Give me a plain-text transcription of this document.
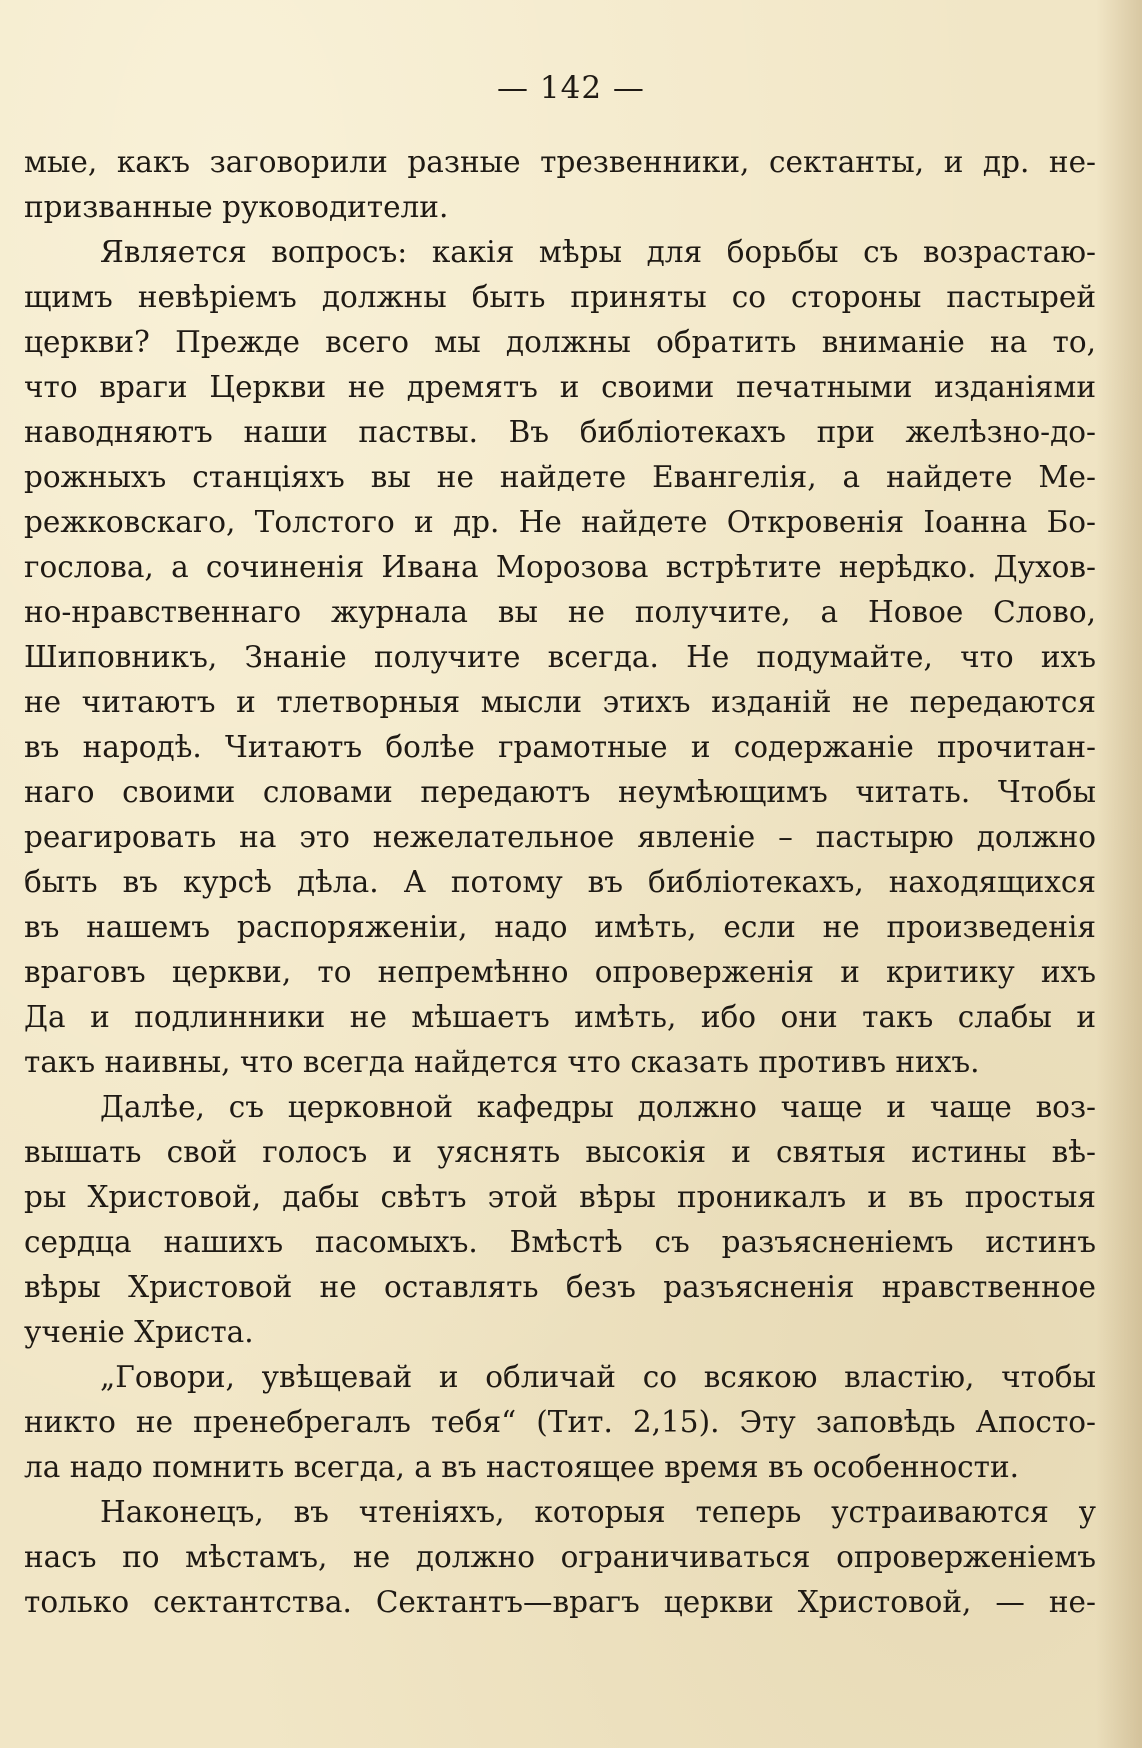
— 142 —
мые, какъ заговорили разные трезвенники, сектанты, и др. не-
призванные руководители.
Является вопросъ: какія мѣры для борьбы съ возрастаю-
щимъ невѣріемъ должны быть приняты со стороны пастырей
церкви? Прежде всего мы должны обратить вниманіе на то,
что враги Церкви не дремятъ и своими печатными изданіями
наводняютъ наши паствы. Въ библіотекахъ при желѣзно-до-
рожныхъ станціяхъ вы не найдете Евангелія, а найдете Ме-
режковскаго, Толстого и др. Не найдете Откровенія Іоанна Бо-
гослова, а сочиненія Ивана Морозова встрѣтите нерѣдко. Духов-
но-нравственнаго журнала вы не получите, а Новое Слово,
Шиповникъ, Знаніе получите всегда. Не подумайте, что ихъ
не читаютъ и тлетворныя мысли этихъ изданій не передаются
въ народѣ. Читаютъ болѣе грамотные и содержаніе прочитан-
наго своими словами передаютъ неумѣющимъ читать. Чтобы
реагировать на это нежелательное явленіе – пастырю должно
быть въ курсѣ дѣла. А потому въ библіотекахъ, находящихся
въ нашемъ распоряженіи, надо имѣть, если не произведенія
враговъ церкви, то непремѣнно опроверженія и критику ихъ
Да и подлинники не мѣшаетъ имѣть, ибо они такъ слабы и
такъ наивны, что всегда найдется что сказать противъ нихъ.
Далѣе, съ церковной кафедры должно чаще и чаще воз-
вышать свой голосъ и уяснять высокія и святыя истины вѣ-
ры Христовой, дабы свѣтъ этой вѣры проникалъ и въ простыя
сердца нашихъ пасомыхъ. Вмѣстѣ съ разъясненіемъ истинъ
вѣры Христовой не оставлять безъ разъясненія нравственное
ученіе Христа.
„Говори, увѣщевай и обличай со всякою властію, чтобы
никто не пренебрегалъ тебя“ (Тит. 2,15). Эту заповѣдь Апосто-
ла надо помнить всегда, а въ настоящее время въ особенности.
Наконецъ, въ чтеніяхъ, которыя теперь устраиваются у
насъ по мѣстамъ, не должно ограничиваться опроверженіемъ
только сектантства. Сектантъ—врагъ церкви Христовой, — не-
